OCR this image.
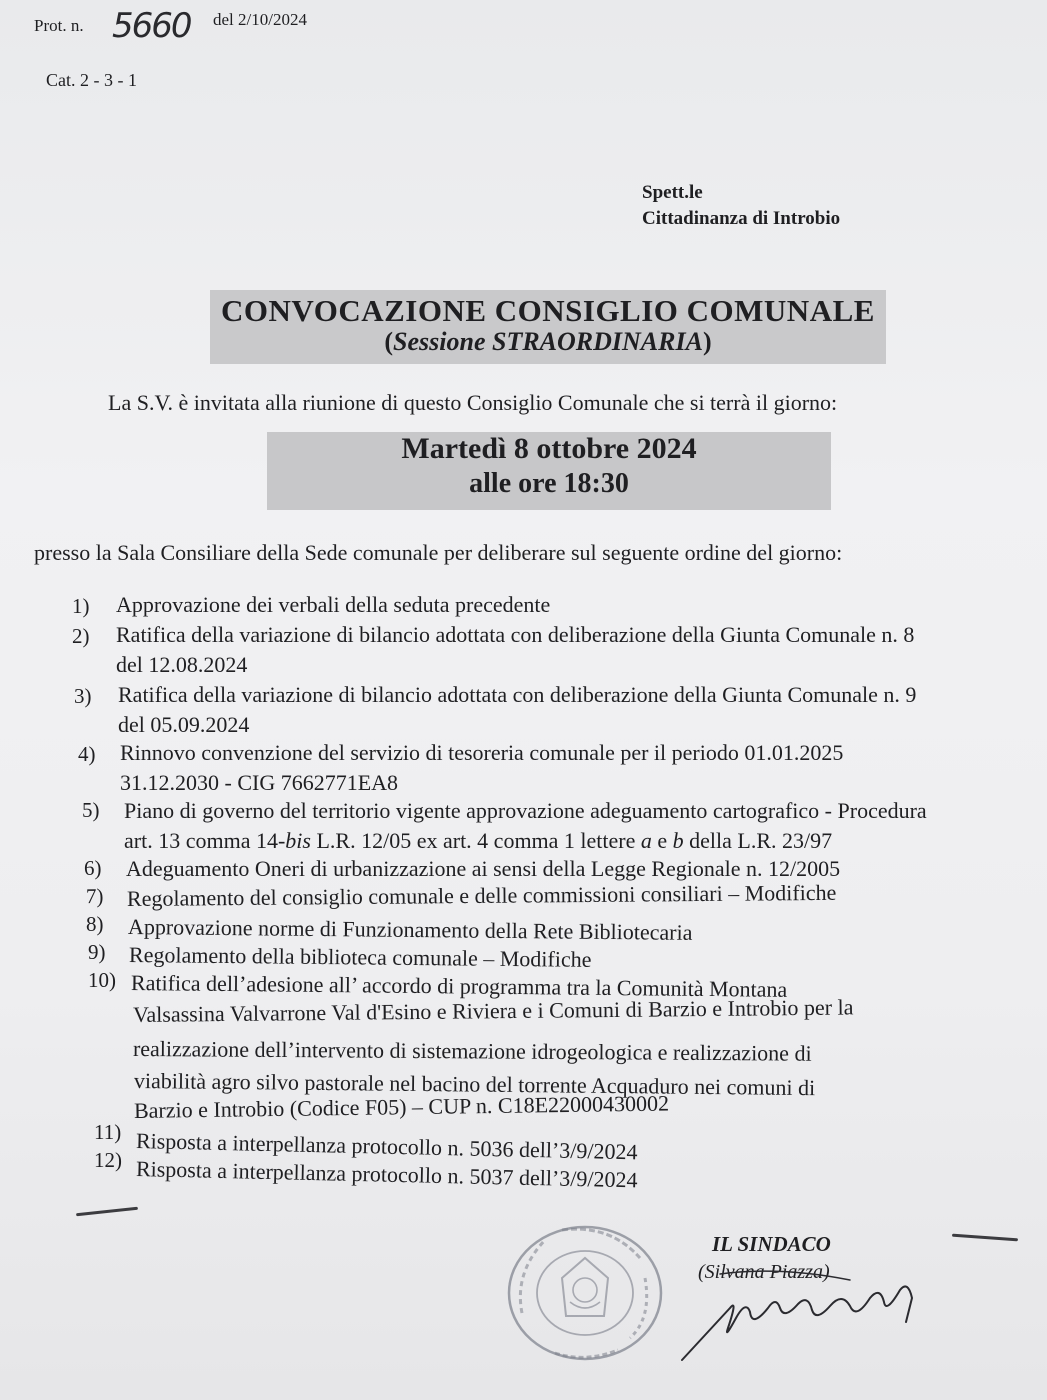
Prot. n. 5660 del 2/10/2024
Cat. 2 - 3 - 1
Spett.le
Cittadinanza di Introbio
CONVOCAZIONE CONSIGLIO COMUNALE
(Sessione STRAORDINARIA)
La S.V. è invitata alla riunione di questo Consiglio Comunale che si terrà il giorno:
Martedì 8 ottobre 2024
alle ore 18:30
presso la Sala Consiliare della Sede comunale per deliberare sul seguente ordine del giorno:
1) Approvazione dei verbali della seduta precedente
2) Ratifica della variazione di bilancio adottata con deliberazione della Giunta Comunale n. 8
del 12.08.2024
3) Ratifica della variazione di bilancio adottata con deliberazione della Giunta Comunale n. 9
del 05.09.2024
4) Rinnovo convenzione del servizio di tesoreria comunale per il periodo 01.01.2025
31.12.2030 - CIG 7662771EA8
5) Piano di governo del territorio vigente approvazione adeguamento cartografico - Procedura
art. 13 comma 14-bis L.R. 12/05 ex art. 4 comma 1 lettere a e b della L.R. 23/97
6) Adeguamento Oneri di urbanizzazione ai sensi della Legge Regionale n. 12/2005
7) Regolamento del consiglio comunale e delle commissioni consiliari – Modifiche
8) Approvazione norme di Funzionamento della Rete Bibliotecaria
9) Regolamento della biblioteca comunale – Modifiche
10) Ratifica dell’adesione all’ accordo di programma tra la Comunità Montana
Valsassina Valvarrone Val d'Esino e Riviera e i Comuni di Barzio e Introbio per la
realizzazione dell’intervento di sistemazione idrogeologica e realizzazione di
viabilità agro silvo pastorale nel bacino del torrente Acquaduro nei comuni di
Barzio e Introbio (Codice F05) – CUP n. C18E22000430002
11) Risposta a interpellanza protocollo n. 5036 dell’3/9/2024
12) Risposta a interpellanza protocollo n. 5037 dell’3/9/2024
IL SINDACO
(Silvana Piazza)
